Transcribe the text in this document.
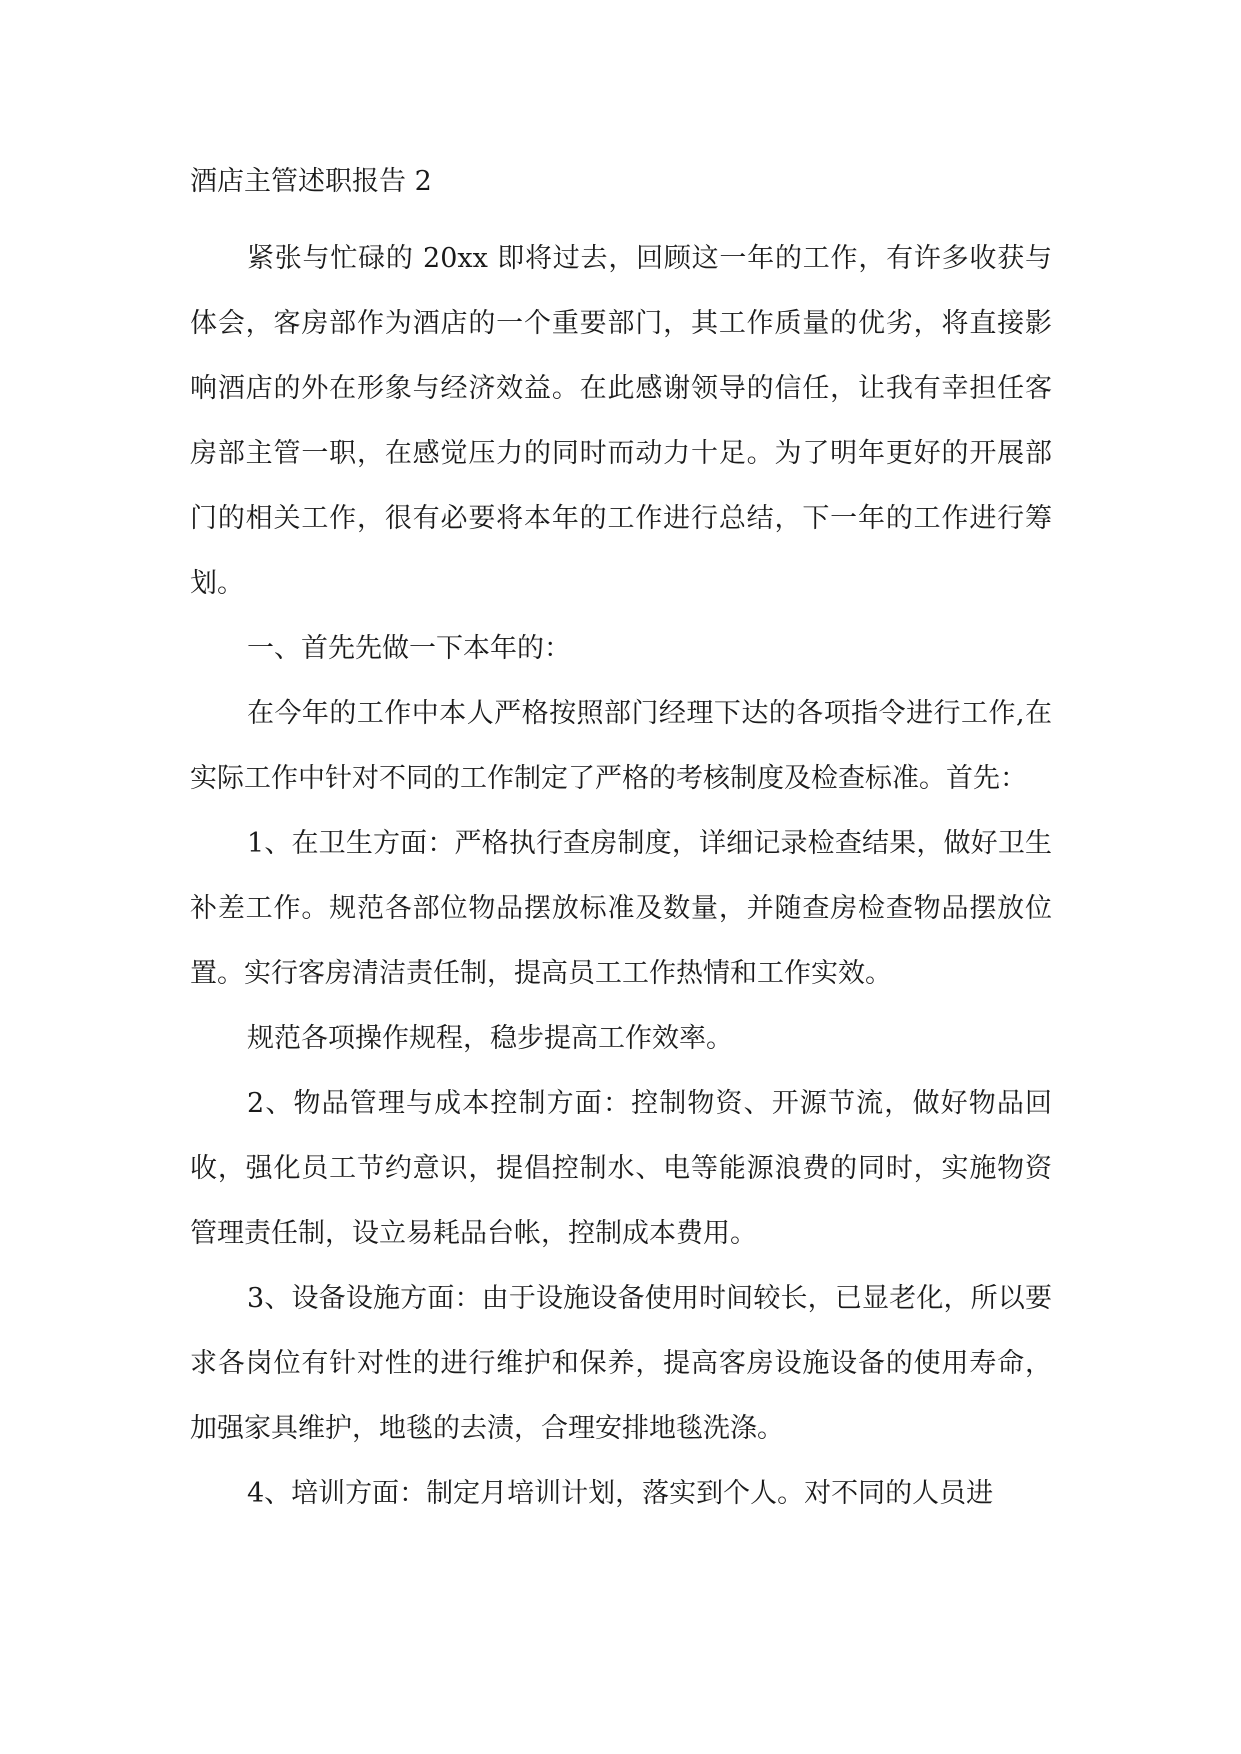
酒店主管述职报告 2

紧张与忙碌的 20xx 即将过去，回顾这一年的工作，有许多收获与体会，客房部作为酒店的一个重要部门，其工作质量的优劣，将直接影响酒店的外在形象与经济效益。在此感谢领导的信任，让我有幸担任客房部主管一职，在感觉压力的同时而动力十足。为了明年更好的开展部门的相关工作，很有必要将本年的工作进行总结，下一年的工作进行筹划。

一、首先先做一下本年的：

在今年的工作中本人严格按照部门经理下达的各项指令进行工作,在实际工作中针对不同的工作制定了严格的考核制度及检查标准。首先：

1、在卫生方面：严格执行查房制度，详细记录检查结果，做好卫生补差工作。规范各部位物品摆放标准及数量，并随查房检查物品摆放位置。实行客房清洁责任制，提高员工工作热情和工作实效。

规范各项操作规程，稳步提高工作效率。

2、物品管理与成本控制方面：控制物资、开源节流，做好物品回收，强化员工节约意识，提倡控制水、电等能源浪费的同时，实施物资管理责任制，设立易耗品台帐，控制成本费用。

3、设备设施方面：由于设施设备使用时间较长，已显老化，所以要求各岗位有针对性的进行维护和保养，提高客房设施设备的使用寿命，加强家具维护，地毯的去渍，合理安排地毯洗涤。

4、培训方面：制定月培训计划，落实到个人。对不同的人员进
